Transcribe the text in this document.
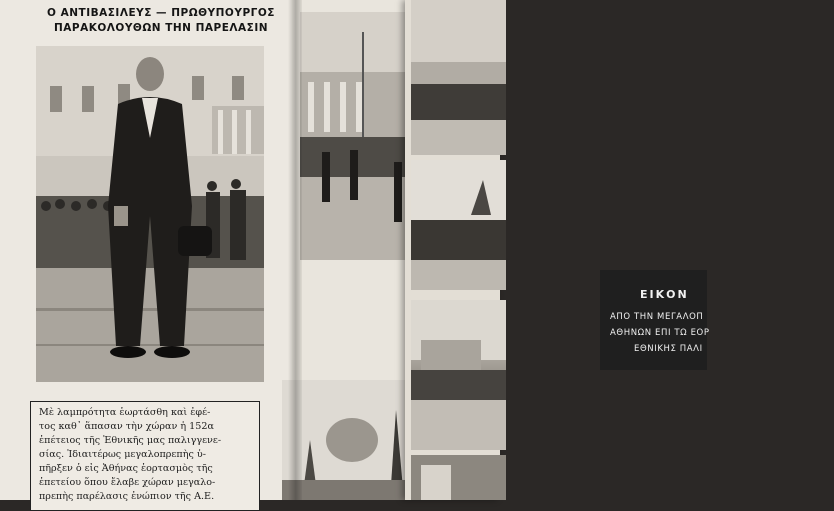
Ο ΑΝΤΙΒΑΣΙΛΕΥΣ — ΠΡΩΘΥΠΟΥΡΓΟΣ
ΠΑΡΑΚΟΛΟΥΘΩΝ ΤΗΝ ΠΑΡΕΛΑΣΙΝ
Μὲ λαμπρότητα ἑωρτάσθη καὶ ἐφέ-
τος καθ᾽ ἅπασαν τὴν χώραν ἡ 152α
ἐπέτειος τῆς Ἐθνικῆς μας παλιγγενε-
σίας. Ἰδιαιτέρως μεγαλοπρεπὴς ὑ-
πῆρξεν ὁ εἰς Ἀθήνας ἑορτασμὸς τῆς
ἐπετείου ὅπου ἔλαβε χώραν μεγαλο-
πρεπὴς παρέλασις ἐνώπιον τῆς Α.Ε.
ΕΙΚΟΝ
ΑΠΟ ΤΗΝ ΜΕΓΑΛΟΠ
ΑΘΗΝΩΝ ΕΠΙ ΤΩ ΕΟΡ
ΕΘΝΙΚΗΣ ΠΑΛΙ
